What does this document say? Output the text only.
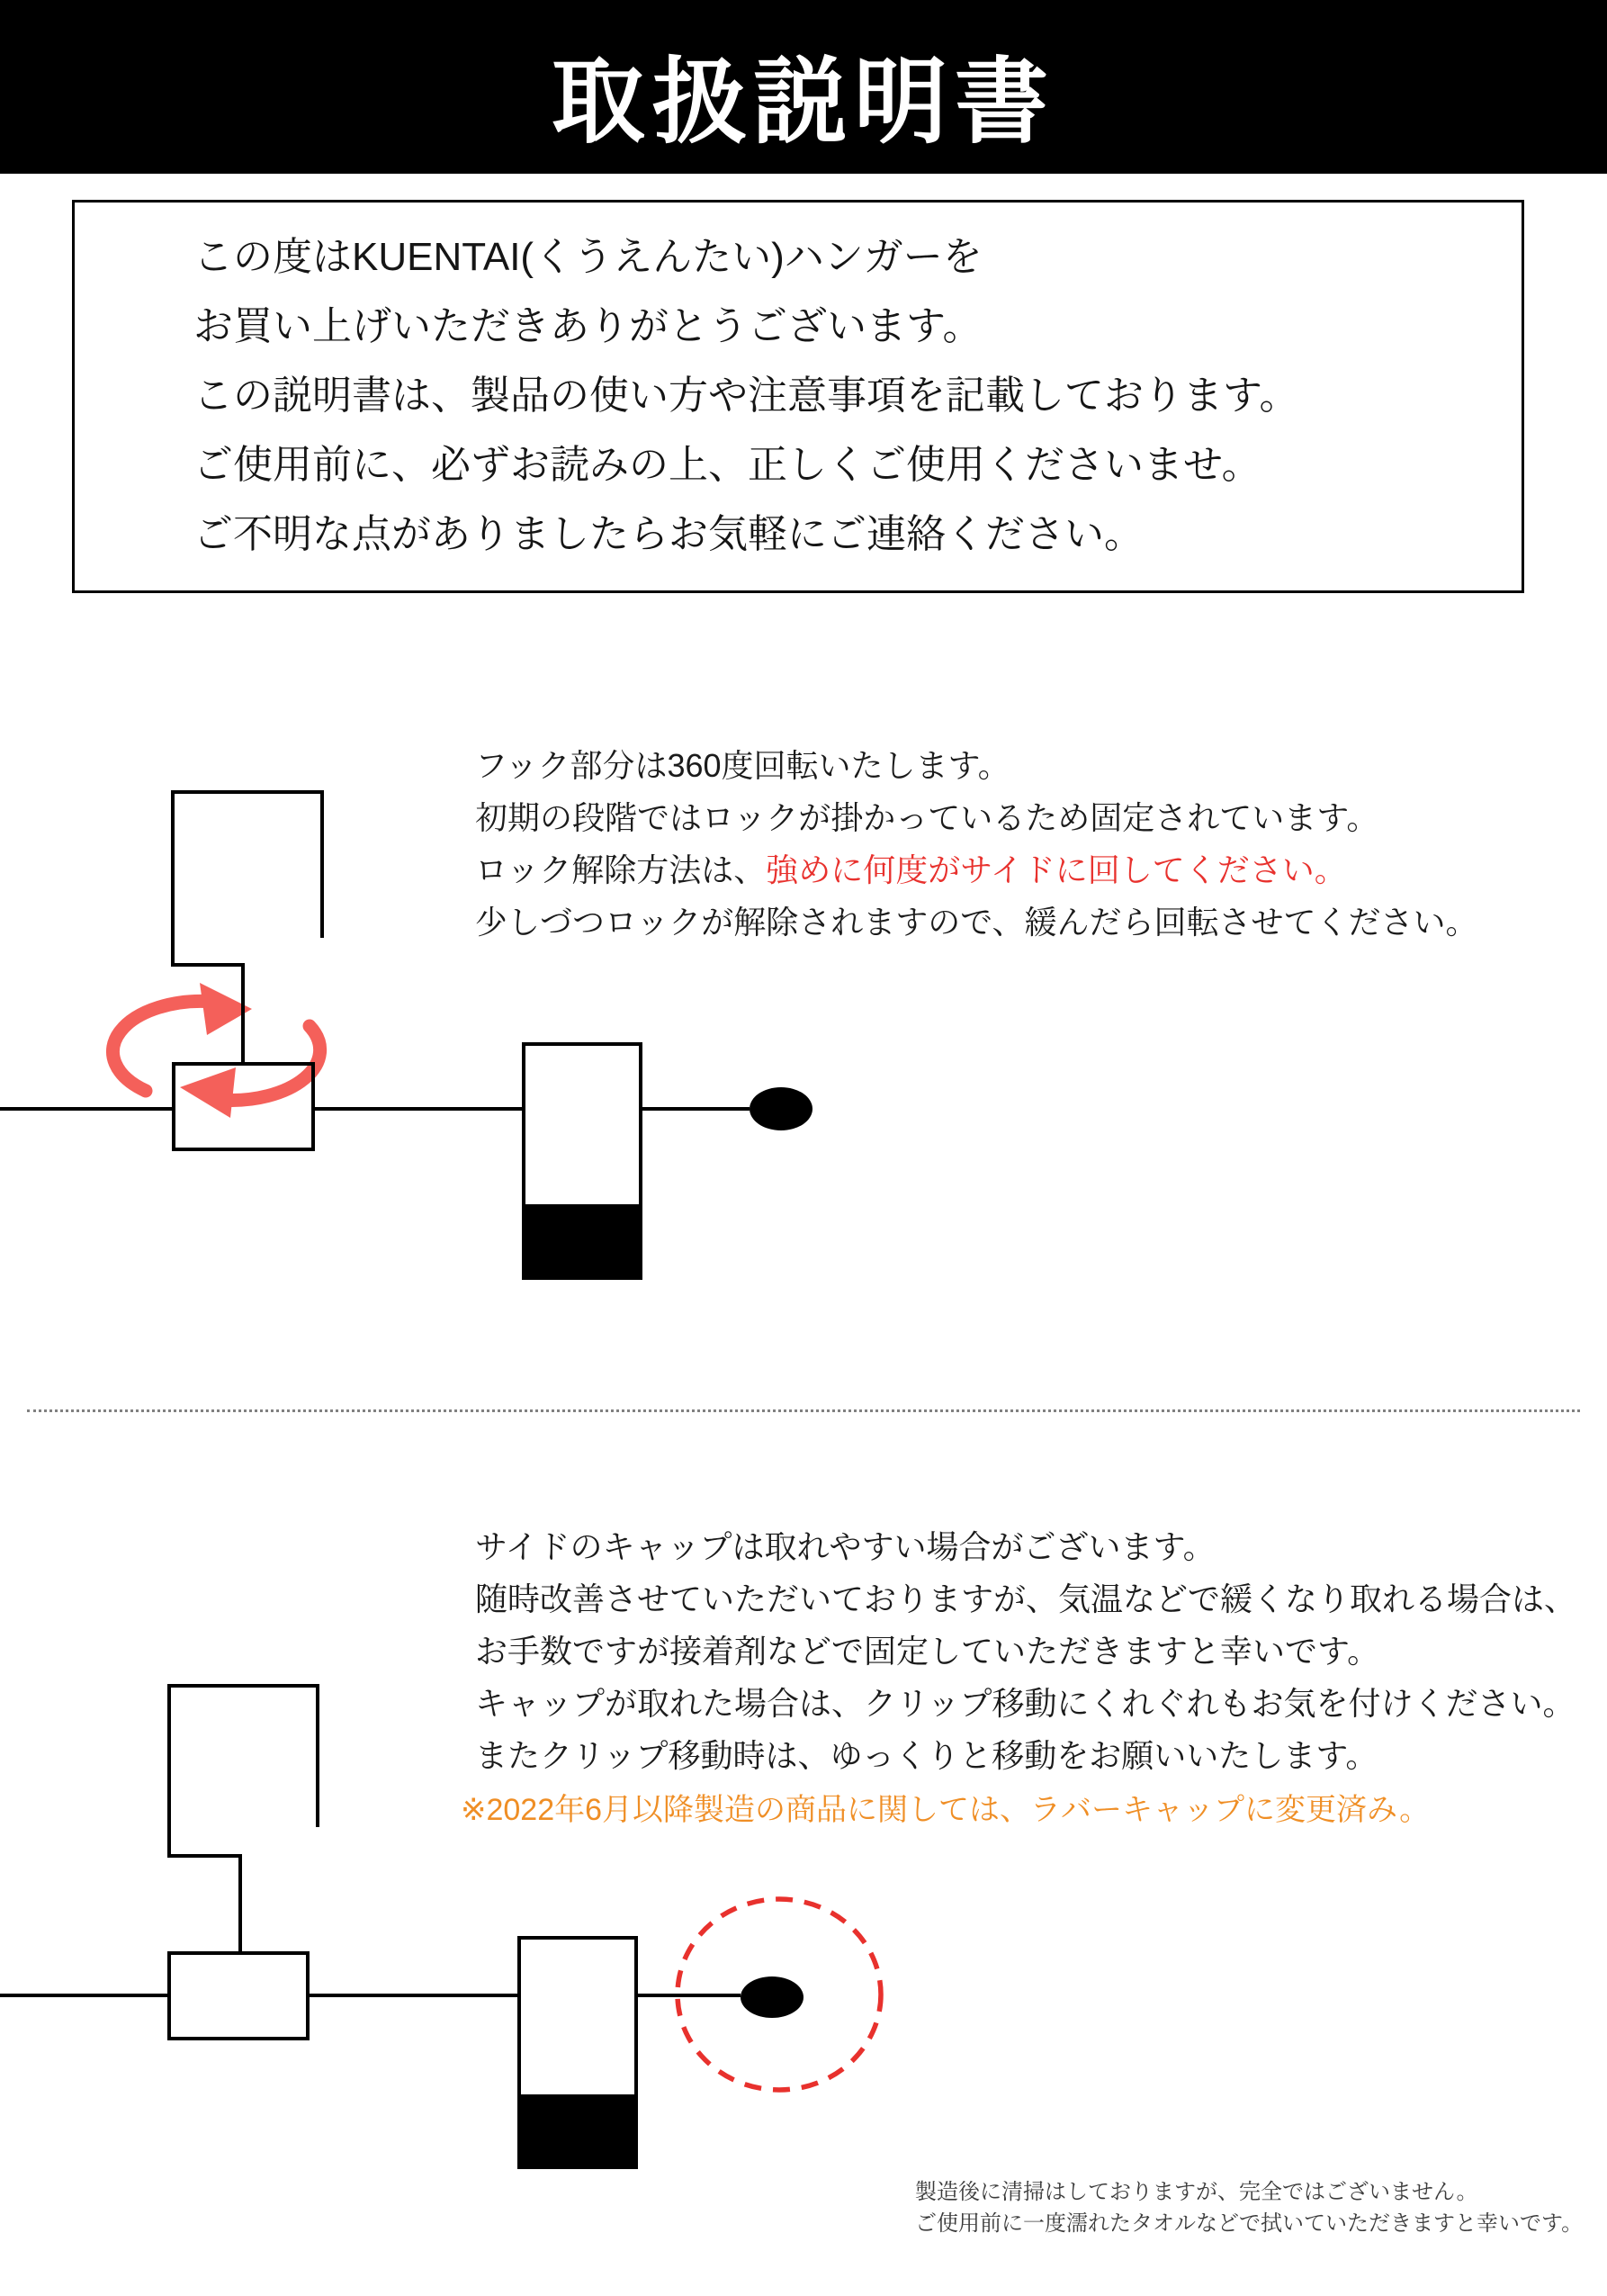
取扱説明書
この度はKUENTAI(くうえんたい)ハンガーを
お買い上げいただきありがとうございます。
この説明書は、製品の使い方や注意事項を記載しております。
ご使用前に、必ずお読みの上、正しくご使用くださいませ。
ご不明な点がありましたらお気軽にご連絡ください。
フック部分は360度回転いたします。
初期の段階ではロックが掛かっているため固定されています。
ロック解除方法は、強めに何度がサイドに回してください。
少しづつロックが解除されますので、緩んだら回転させてください。
サイドのキャップは取れやすい場合がございます。
随時改善させていただいておりますが、気温などで緩くなり取れる場合は、
お手数ですが接着剤などで固定していただきますと幸いです。
キャップが取れた場合は、クリップ移動にくれぐれもお気を付けください。
またクリップ移動時は、ゆっくりと移動をお願いいたします。
※2022年6月以降製造の商品に関しては、ラバーキャップに変更済み。
製造後に清掃はしておりますが、完全ではございません。
ご使用前に一度濡れたタオルなどで拭いていただきますと幸いです。
